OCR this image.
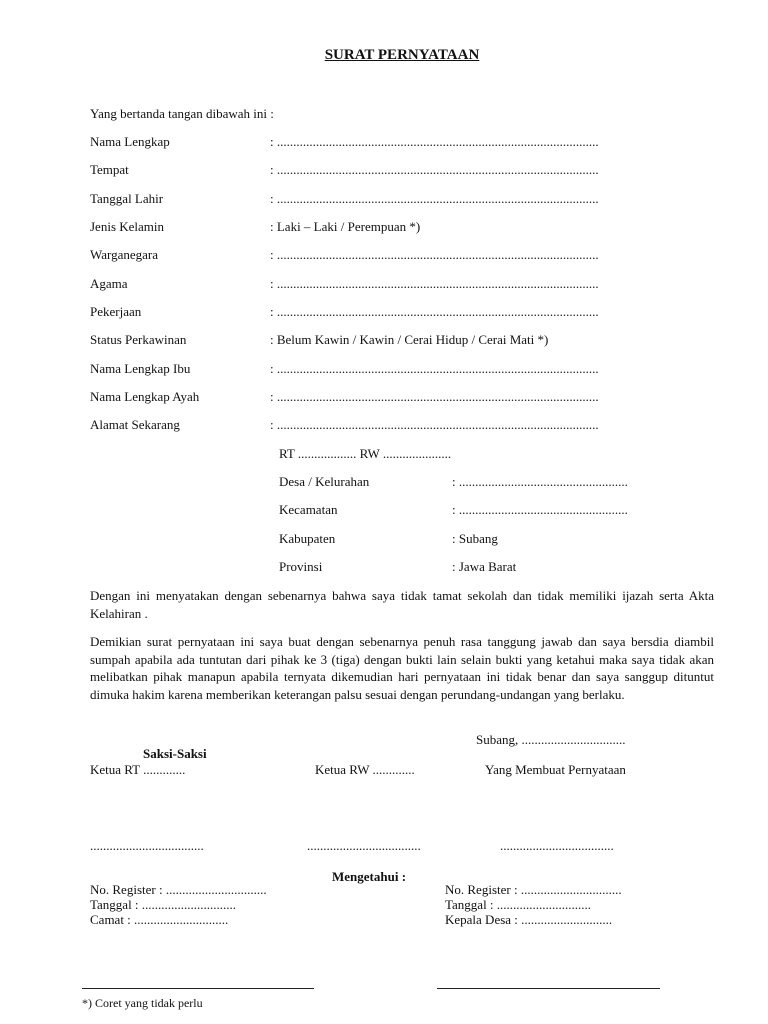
SURAT PERNYATAAN
Yang bertanda tangan dibawah ini :
Nama Lengkap	: ...................................................................................................
Tempat	: ...................................................................................................
Tanggal Lahir	: ...................................................................................................
Jenis Kelamin	: Laki – Laki / Perempuan *)
Warganegara	: ...................................................................................................
Agama	: ...................................................................................................
Pekerjaan	: ...................................................................................................
Status Perkawinan	: Belum Kawin / Kawin / Cerai Hidup / Cerai Mati *)
Nama Lengkap Ibu	: ...................................................................................................
Nama Lengkap Ayah	: ...................................................................................................
Alamat Sekarang	: ...................................................................................................
RT .................. RW .....................
Desa / Kelurahan	: ....................................................
Kecamatan	: ....................................................
Kabupaten	: Subang
Provinsi	: Jawa Barat
Dengan ini menyatakan dengan sebenarnya bahwa saya tidak tamat sekolah dan tidak memiliki ijazah serta Akta Kelahiran .
Demikian surat pernyataan ini saya buat dengan sebenarnya penuh rasa tanggung jawab dan saya bersdia diambil sumpah apabila ada tuntutan dari pihak ke 3 (tiga) dengan bukti lain selain bukti yang ketahui maka saya tidak akan melibatkan pihak manapun apabila ternyata dikemudian hari pernyataan ini tidak benar dan saya sanggup dituntut dimuka hakim karena memberikan keterangan palsu sesuai dengan perundang-undangan yang berlaku.
Subang, ................................
Saksi-Saksi
Ketua RT .............	Ketua RW .............	Yang Membuat Pernyataan
...................................	...................................	...................................
Mengetahui :
No. Register : ...............................
Tanggal : .............................
Camat : .............................
No. Register : ...............................
Tanggal : .............................
Kepala Desa : ............................
*) Coret yang tidak perlu
